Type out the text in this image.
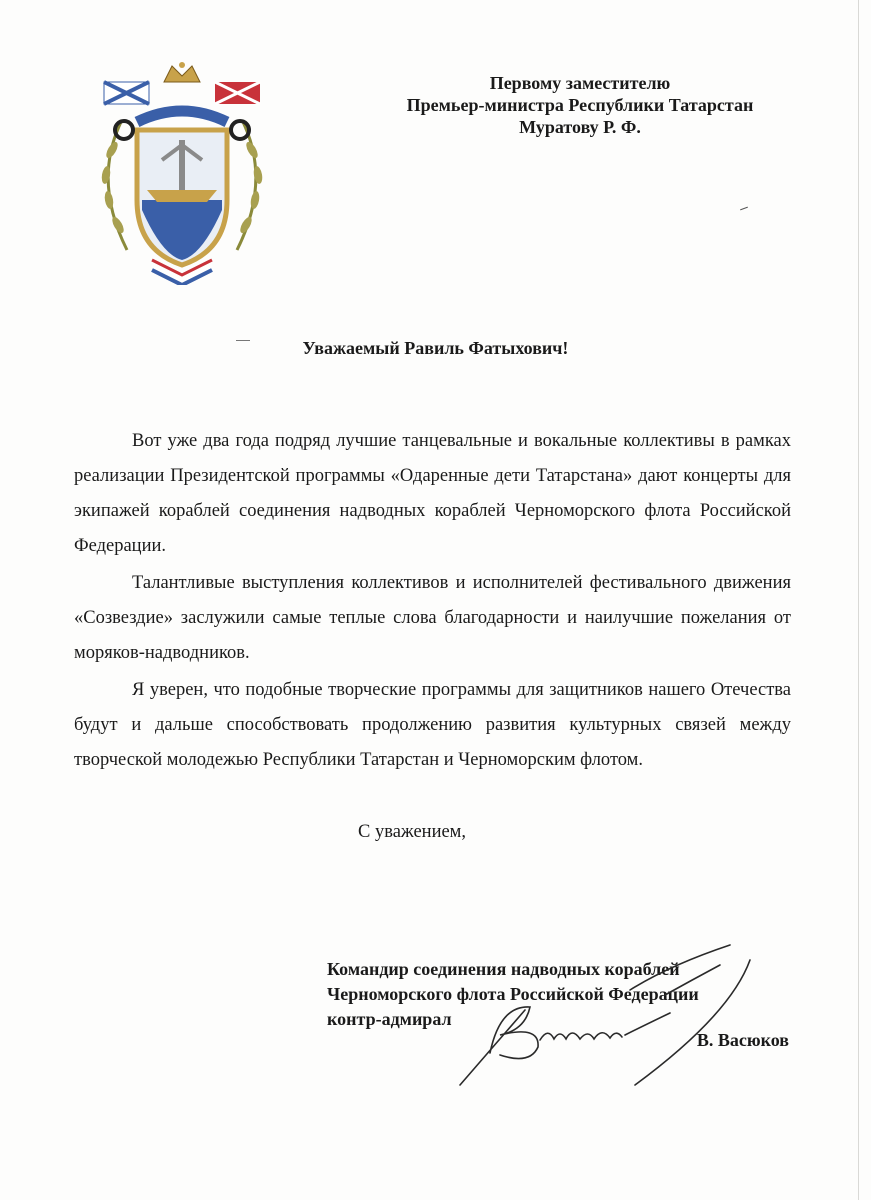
Первому заместителю
Премьер-министра Республики Татарстан
Муратову Р. Ф.
Уважаемый Равиль Фатыхович!

Вот уже два года подряд лучшие танцевальные и вокальные коллективы в рамках реализации Президентской программы «Одаренные дети Татарстана» дают концерты для экипажей кораблей соединения надводных кораблей Черноморского флота Российской Федерации.

Талантливые выступления коллективов и исполнителей фестивального движения «Созвездие» заслужили самые теплые слова благодарности и наилучшие пожелания от моряков-надводников.

Я уверен, что подобные творческие программы для защитников нашего Отечества будут и дальше способствовать продолжению развития культурных связей между творческой молодежью Республики Татарстан и Черноморским флотом.

С уважением,
Командир соединения надводных кораблей
Черноморского флота Российской Федерации
контр-адмирал
В. Васюков
